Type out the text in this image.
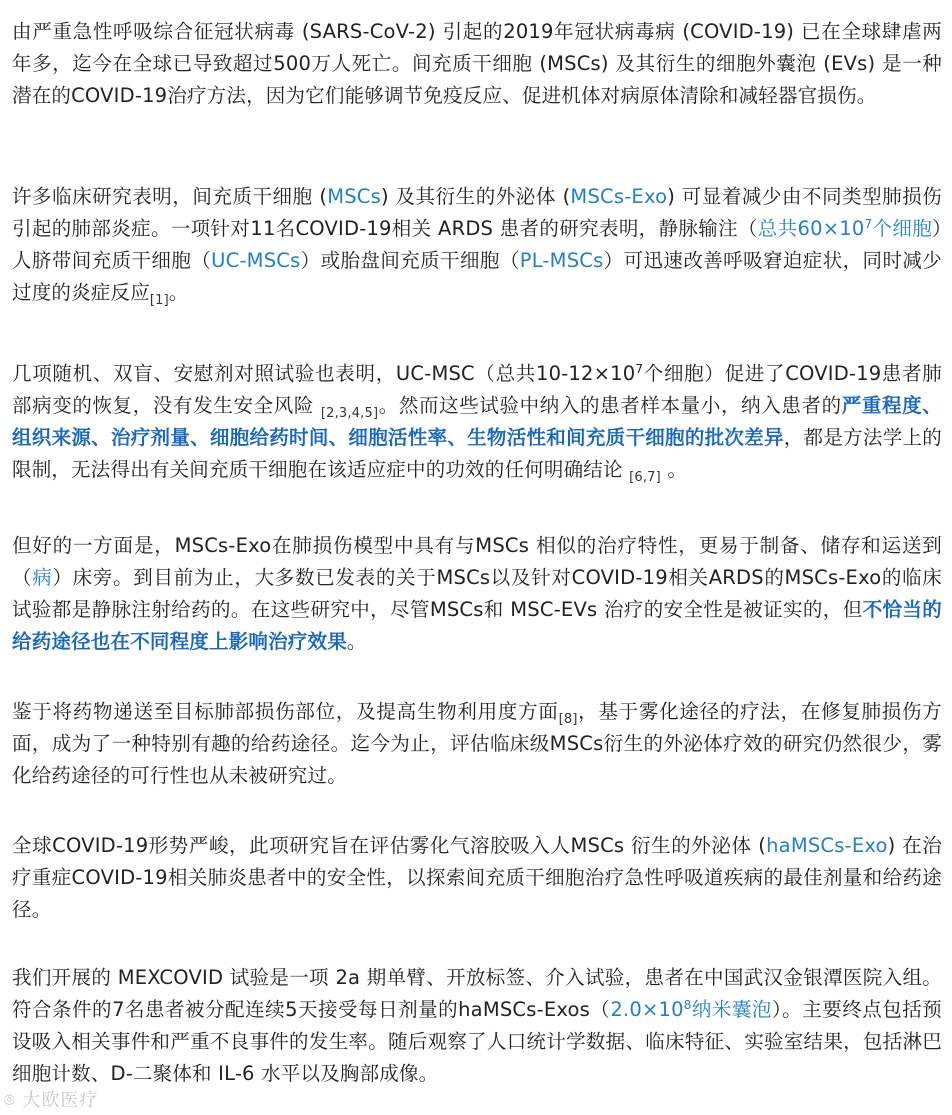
由严重急性呼吸综合征冠状病毒 (SARS-CoV-2) 引起的2019年冠状病毒病 (COVID-19) 已在全球肆虐两年多，迄今在全球已导致超过500万人死亡。间充质干细胞 (MSCs) 及其衍生的细胞外囊泡 (EVs) 是一种潜在的COVID-19治疗方法，因为它们能够调节免疫反应、促进机体对病原体清除和减轻器官损伤。

许多临床研究表明，间充质干细胞 (MSCs) 及其衍生的外泌体 (MSCs-Exo) 可显着减少由不同类型肺损伤引起的肺部炎症。一项针对11名COVID-19相关 ARDS 患者的研究表明，静脉输注（总共$60\times 10^7$个细胞）人脐带间充质干细胞（UC-MSCs）或胎盘间充质干细胞（PL-MSCs）可迅速改善呼吸窘迫症状，同时减少过度的炎症反应$_{[1]}$。

几项随机、双盲、安慰剂对照试验也表明，UC-MSC（总共$10-12\times 10^7$个细胞）促进了COVID-19患者肺部病变的恢复，没有发生安全风险 $_{[2,3,4,5]}$。然而这些试验中纳入的患者样本量小，纳入患者的严重程度、组织来源、治疗剂量、细胞给药时间、细胞活性率、生物活性和间充质干细胞的批次差异，都是方法学上的限制，无法得出有关间充质干细胞在该适应症中的功效的任何明确结论 $_{[6,7]}$ 。

但好的一方面是，MSCs-Exo在肺损伤模型中具有与MSCs 相似的治疗特性，更易于制备、储存和运送到（病）床旁。到目前为止，大多数已发表的关于MSCs以及针对COVID-19相关ARDS的MSCs-Exo的临床试验都是静脉注射给药的。在这些研究中，尽管MSCs和 MSC-EVs 治疗的安全性是被证实的，但不恰当的给药途径也在不同程度上影响治疗效果。

鉴于将药物递送至目标肺部损伤部位，及提高生物利用度方面$_{[8]}$，基于雾化途径的疗法，在修复肺损伤方面，成为了一种特别有趣的给药途径。迄今为止，评估临床级MSCs衍生的外泌体疗效的研究仍然很少，雾化给药途径的可行性也从未被研究过。

全球COVID-19形势严峻，此项研究旨在评估雾化气溶胶吸入人MSCs 衍生的外泌体 (haMSCs-Exo) 在治疗重症COVID-19相关肺炎患者中的安全性，以探索间充质干细胞治疗急性呼吸道疾病的最佳剂量和给药途径。

我们开展的 MEXCOVID 试验是一项 2a 期单臂、开放标签、介入试验，患者在中国武汉金银潭医院入组。符合条件的7名患者被分配连续5天接受每日剂量的haMSCs-$Exos(2.0\times 10^8$纳米囊泡）。主要终点包括预设吸入相关事件和严重不良事件的发生率。随后观察了人口统计学数据、临床特征、实验室结果，包括淋巴细胞计数、D-二聚体和 IL-6 水平以及胸部成像。

⌾ 大欧医疗
